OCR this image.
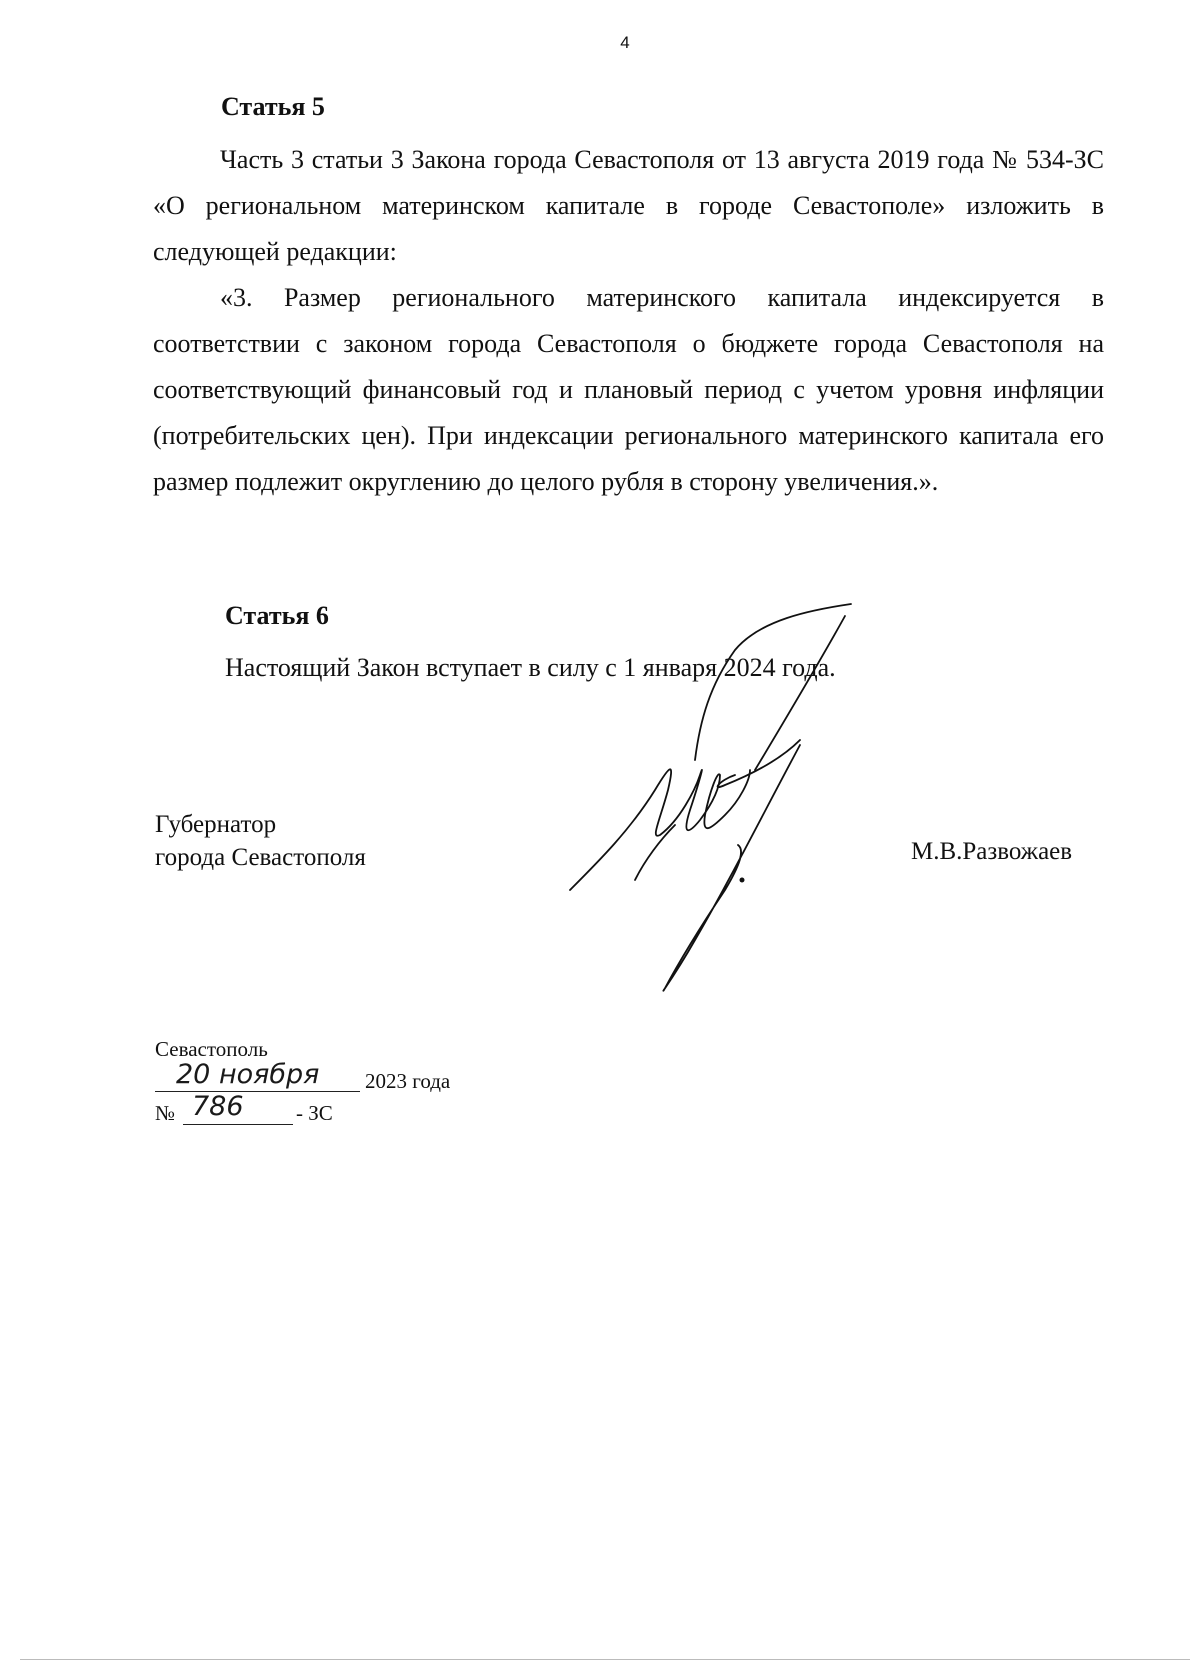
4
Статья 5

Часть 3 статьи 3 Закона города Севастополя от 13 августа 2019 года № 534-ЗС «О региональном материнском капитале в городе Севастополе» изложить в следующей редакции:

«3. Размер регионального материнского капитала индексируется в соответствии с законом города Севастополя о бюджете города Севастополя на соответствующий финансовый год и плановый период с учетом уровня инфляции (потребительских цен). При индексации регионального материнского капитала его размер подлежит округлению до целого рубля в сторону увеличения.».

Статья 6
Настоящий Закон вступает в силу с 1 января 2024 года.
Губернатор
города Севастополя	М.В.Развожаев
Севастополь
20 ноября 2023 года
№ 786 - ЗС
